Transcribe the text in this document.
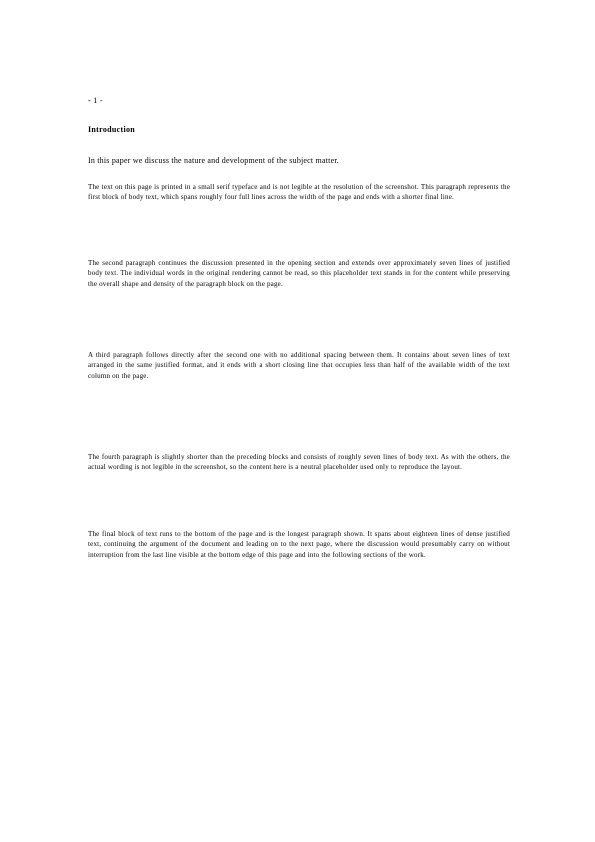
- 1 -
Introduction
In this paper we discuss the nature and development of the subject matter.

The text on this page is printed in a small serif typeface and is not legible at the resolution of the screenshot. This paragraph represents the first block of body text, which spans roughly four full lines across the width of the page and ends with a shorter final line.

The second paragraph continues the discussion presented in the opening section and extends over approximately seven lines of justified body text. The individual words in the original rendering cannot be read, so this placeholder text stands in for the content while preserving the overall shape and density of the paragraph block on the page.

A third paragraph follows directly after the second one with no additional spacing between them. It contains about seven lines of text arranged in the same justified format, and it ends with a short closing line that occupies less than half of the available width of the text column on the page.

The fourth paragraph is slightly shorter than the preceding blocks and consists of roughly seven lines of body text. As with the others, the actual wording is not legible in the screenshot, so the content here is a neutral placeholder used only to reproduce the layout.

The final block of text runs to the bottom of the page and is the longest paragraph shown. It spans about eighteen lines of dense justified text, continuing the argument of the document and leading on to the next page, where the discussion would presumably carry on without interruption from the last line visible at the bottom edge of this page and into the following sections of the work.
